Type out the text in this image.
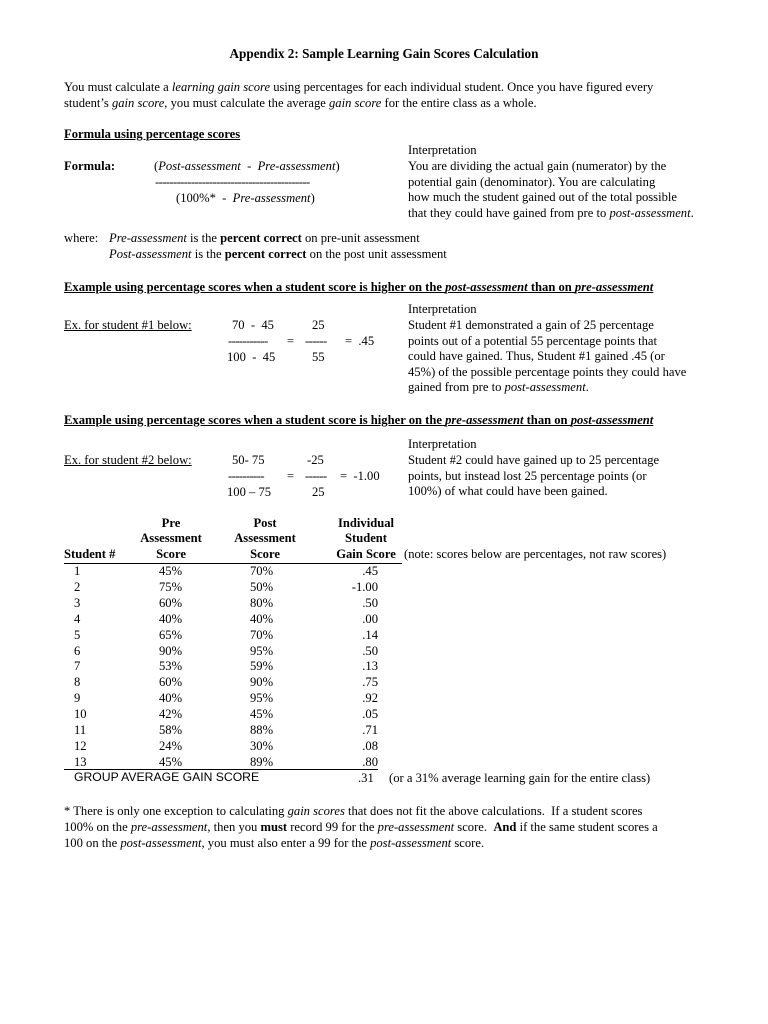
Appendix 2: Sample Learning Gain Scores Calculation
You must calculate a learning gain score using percentages for each individual student. Once you have figured every
student’s gain score, you must calculate the average gain score for the entire class as a whole.
Formula using percentage scores
Interpretation
Formula:	(Post-assessment  -  Pre-assessment)
-------------------------------------------
(100%*  -  Pre-assessment)
You are dividing the actual gain (numerator) by the
potential gain (denominator). You are calculating
how much the student gained out of the total possible
that they could have gained from pre to post-assessment.
where: Pre-assessment is the percent correct on pre-unit assessment
Post-assessment is the percent correct on the post unit assessment
Example using percentage scores when a student score is higher on the post-assessment than on pre-assessment
Interpretation
Ex. for student #1 below:	70  -  45	25
----------- = ------ =  .45
100  -  45	55
Student #1 demonstrated a gain of 25 percentage
points out of a potential 55 percentage points that
could have gained. Thus, Student #1 gained .45 (or
45%) of the possible percentage points they could have
gained from pre to post-assessment.
Example using percentage scores when a student score is higher on the pre-assessment than on post-assessment
Interpretation
Ex. for student #2 below:	50- 75	-25
---------- = ------ =  -1.00
100 – 75	25
Student #2 could have gained up to 25 percentage
points, but instead lost 25 percentage points (or
100%) of what could have been gained.
Pre
Assessment
Score
Post
Assessment
Score
Individual
Student
Gain Score
Student #	(note: scores below are percentages, not raw scores)
1	45%	70%	.45
2	75%	50%	-1.00
3	60%	80%	.50
4	40%	40%	.00
5	65%	70%	.14
6	90%	95%	.50
7	53%	59%	.13
8	60%	90%	.75
9	40%	95%	.92
10	42%	45%	.05
11	58%	88%	.71
12	24%	30%	.08
13	45%	89%	.80
GROUP AVERAGE GAIN SCORE	.31 (or a 31% average learning gain for the entire class)
* There is only one exception to calculating gain scores that does not fit the above calculations.  If a student scores
100% on the pre-assessment, then you must record 99 for the pre-assessment score.  And if the same student scores a
100 on the post-assessment, you must also enter a 99 for the post-assessment score.
